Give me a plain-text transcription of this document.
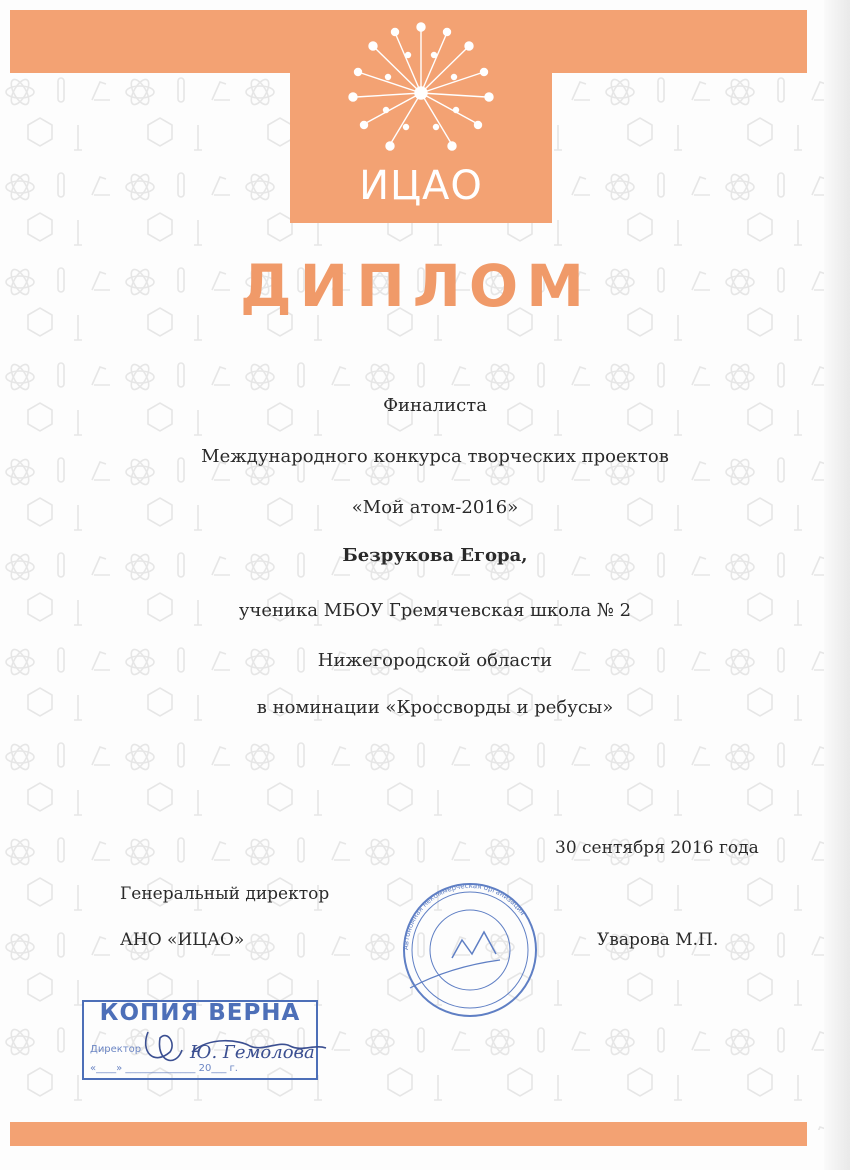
ИЦАО
ДИПЛОМ
Финалиста
Международного конкурса творческих проектов
«Мой атом-2016»
Безрукова Егора,
ученика МБОУ Гремячевская школа № 2
Нижегородской области
в номинации «Кроссворды и ребусы»
30 сентября 2016 года
Генеральный директор
АНО «ИЦАО»	Уварова М.П.
Автономная некоммерческая организация
КОПИЯ ВЕРНА
Директор
«____» ______________ 20___ г.
Ю. Гемолова
